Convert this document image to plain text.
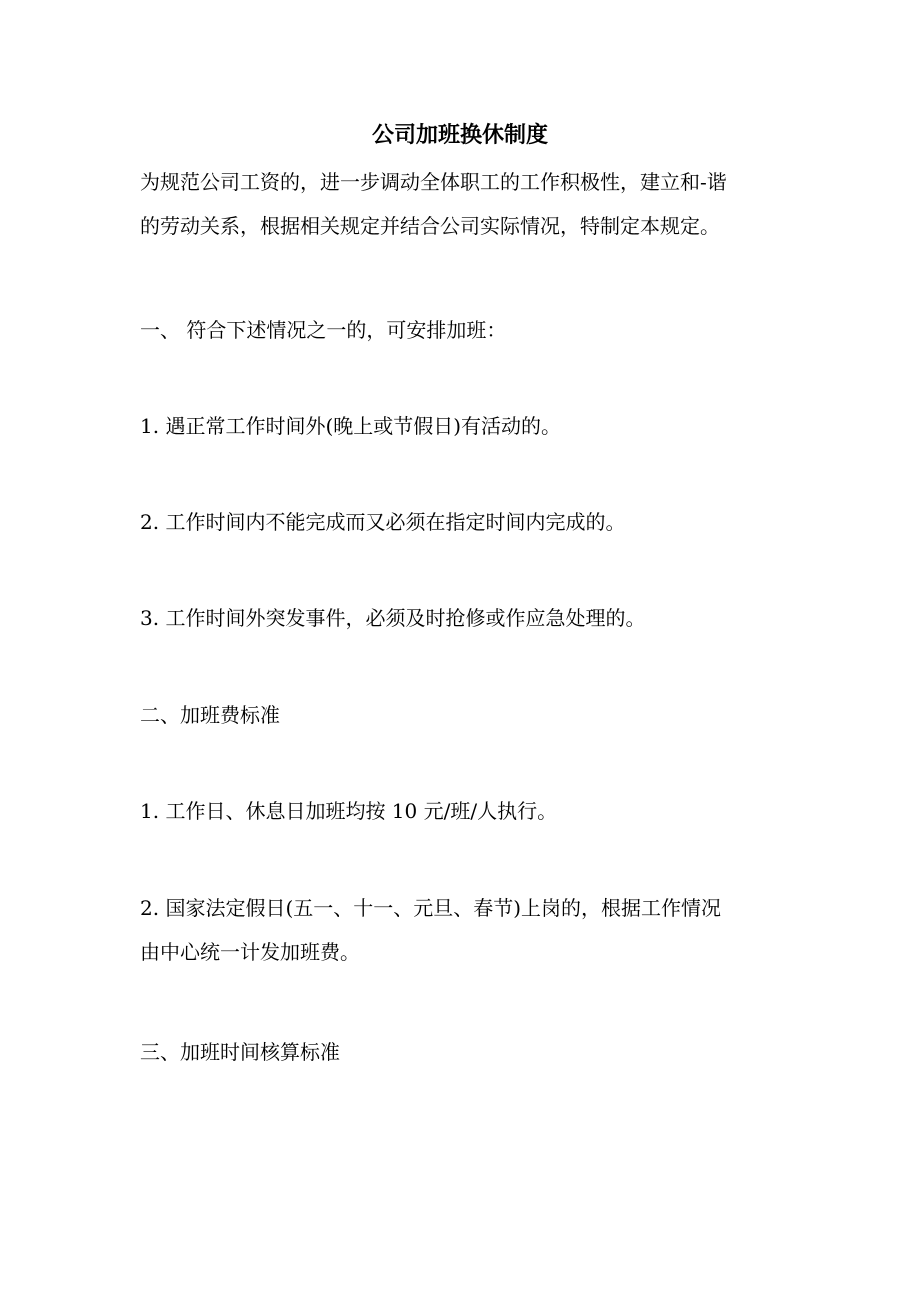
公司加班换休制度
为规范公司工资的，进一步调动全体职工的工作积极性，建立和-谐
的劳动关系，根据相关规定并结合公司实际情况，特制定本规定。
一、 符合下述情况之一的，可安排加班：
1. 遇正常工作时间外(晚上或节假日)有活动的。
2. 工作时间内不能完成而又必须在指定时间内完成的。
3. 工作时间外突发事件，必须及时抢修或作应急处理的。
二、加班费标准
1. 工作日、休息日加班均按 10 元/班/人执行。
2. 国家法定假日(五一、十一、元旦、春节)上岗的，根据工作情况
由中心统一计发加班费。
三、加班时间核算标准
